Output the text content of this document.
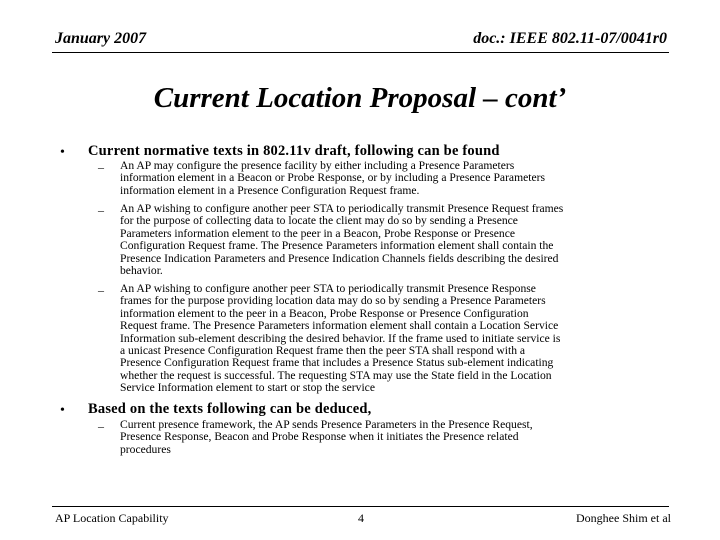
January 2007	doc.: IEEE 802.11-07/0041r0
Current Location Proposal – cont’
• Current normative texts in 802.11v draft, following can be found
– An AP may configure the presence facility by either including a Presence Parameters
information element in a Beacon or Probe Response, or by including a Presence Parameters
information element in a Presence Configuration Request frame.
– An AP wishing to configure another peer STA to periodically transmit Presence Request frames
for the purpose of collecting data to locate the client may do so by sending a Presence
Parameters information element to the peer in a Beacon, Probe Response or Presence
Configuration Request frame. The Presence Parameters information element shall contain the
Presence Indication Parameters and Presence Indication Channels fields describing the desired
behavior.
– An AP wishing to configure another peer STA to periodically transmit Presence Response
frames for the purpose providing location data may do so by sending a Presence Parameters
information element to the peer in a Beacon, Probe Response or Presence Configuration
Request frame. The Presence Parameters information element shall contain a Location Service
Information sub-element describing the desired behavior. If the frame used to initiate service is
a unicast Presence Configuration Request frame then the peer STA shall respond with a
Presence Configuration Request frame that includes a Presence Status sub-element indicating
whether the request is successful. The requesting STA may use the State field in the Location
Service Information element to start or stop the service
• Based on the texts following can be deduced,
– Current presence framework, the AP sends Presence Parameters in the Presence Request,
Presence Response, Beacon and Probe Response when it initiates the Presence related
procedures
AP Location Capability	4	Donghee Shim et al
